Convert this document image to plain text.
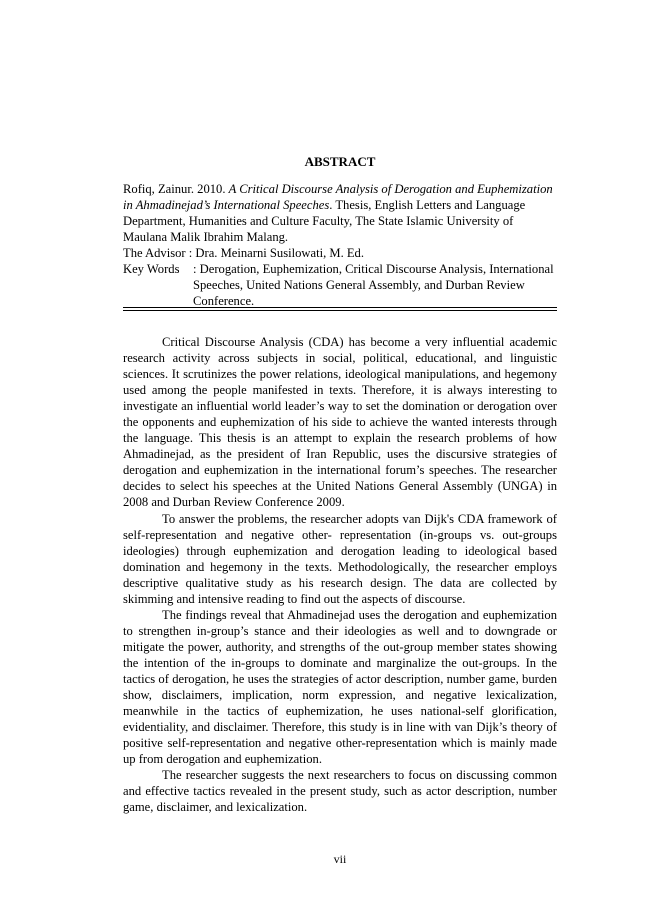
ABSTRACT

Rofiq, Zainur. 2010. A Critical Discourse Analysis of Derogation and Euphemization in Ahmadinejad’s International Speeches. Thesis, English Letters and Language Department, Humanities and Culture Faculty, The State Islamic University of Maulana Malik Ibrahim Malang.

The Advisor : Dra. Meinarni Susilowati, M. Ed.

Key Words	: Derogation, Euphemization, Critical Discourse Analysis, International Speeches, United Nations General Assembly, and Durban Review Conference.

Critical Discourse Analysis (CDA) has become a very influential academic research activity across subjects in social, political, educational, and linguistic sciences. It scrutinizes the power relations, ideological manipulations, and hegemony used among the people manifested in texts. Therefore, it is always interesting to investigate an influential world leader’s way to set the domination or derogation over the opponents and euphemization of his side to achieve the wanted interests through the language. This thesis is an attempt to explain the research problems of how Ahmadinejad, as the president of Iran Republic, uses the discursive strategies of derogation and euphemization in the international forum’s speeches. The researcher decides to select his speeches at the United Nations General Assembly (UNGA) in 2008 and Durban Review Conference 2009.

To answer the problems, the researcher adopts van Dijk's CDA framework of self-representation and negative other- representation (in-groups vs. out-groups ideologies) through euphemization and derogation leading to ideological based domination and hegemony in the texts. Methodologically, the researcher employs descriptive qualitative study as his research design. The data are collected by skimming and intensive reading to find out the aspects of discourse.

The findings reveal that Ahmadinejad uses the derogation and euphemization to strengthen in-group’s stance and their ideologies as well and to downgrade or mitigate the power, authority, and strengths of the out-group member states showing the intention of the in-groups to dominate and marginalize the out-groups. In the tactics of derogation, he uses the strategies of actor description, number game, burden show, disclaimers, implication, norm expression, and negative lexicalization, meanwhile in the tactics of euphemization, he uses national-self glorification, evidentiality, and disclaimer. Therefore, this study is in line with van Dijk’s theory of positive self-representation and negative other-representation which is mainly made up from derogation and euphemization.

The researcher suggests the next researchers to focus on discussing common and effective tactics revealed in the present study, such as actor description, number game, disclaimer, and lexicalization.

vii
